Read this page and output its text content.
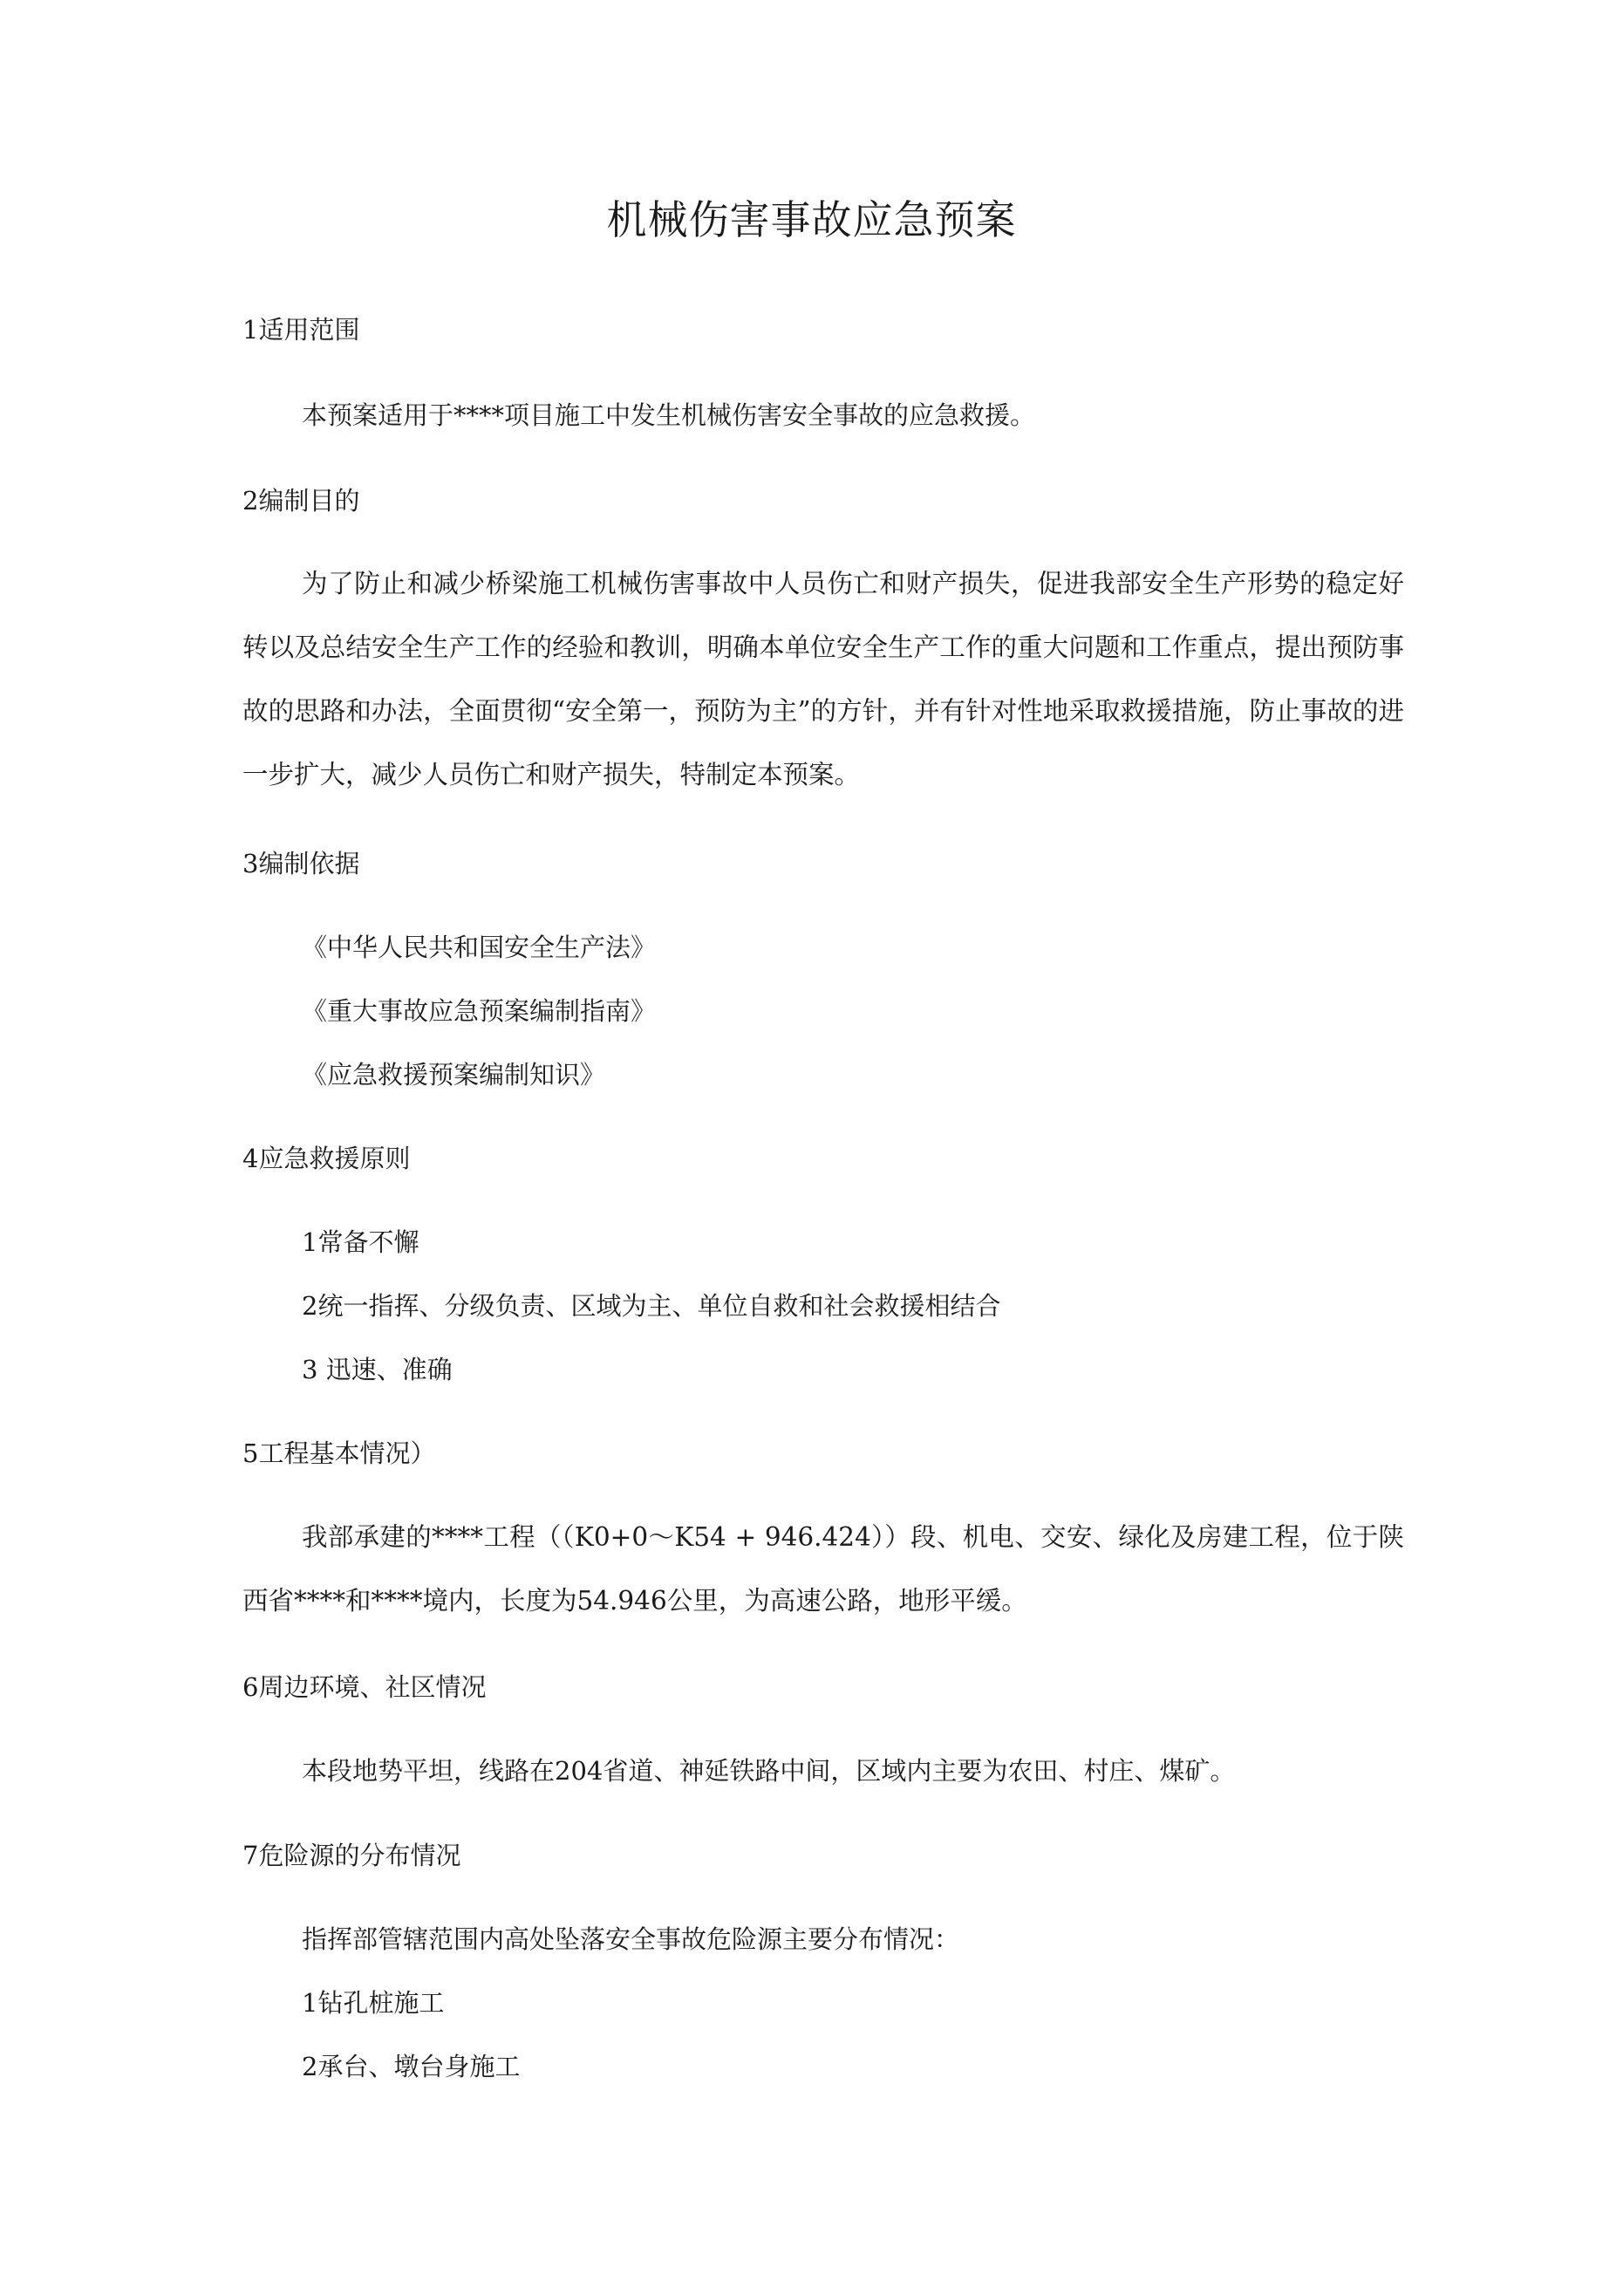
机械伤害事故应急预案

1适用范围

本预案适用于****项目施工中发生机械伤害安全事故的应急救援。

2编制目的

为了防止和减少桥梁施工机械伤害事故中人员伤亡和财产损失，促进我部安全生产形势的稳定好转以及总结安全生产工作的经验和教训，明确本单位安全生产工作的重大问题和工作重点，提出预防事故的思路和办法，全面贯彻“安全第一，预防为主”的方针，并有针对性地采取救援措施，防止事故的进一步扩大，减少人员伤亡和财产损失，特制定本预案。

3编制依据

《中华人民共和国安全生产法》

《重大事故应急预案编制指南》

《应急救援预案编制知识》

4应急救援原则

1常备不懈

2统一指挥、分级负责、区域为主、单位自救和社会救援相结合

3 迅速、准确

5工程基本情况）

我部承建的****工程（（K0+0〜K54 + 946.424））段、机电、交安、绿化及房建工程，位于陕西省****和****境内，长度为54.946公里，为高速公路，地形平缓。

6周边环境、社区情况

本段地势平坦，线路在204省道、神延铁路中间，区域内主要为农田、村庄、煤矿。

7危险源的分布情况

指挥部管辖范围内高处坠落安全事故危险源主要分布情况：

1钻孔桩施工

2承台、墩台身施工
